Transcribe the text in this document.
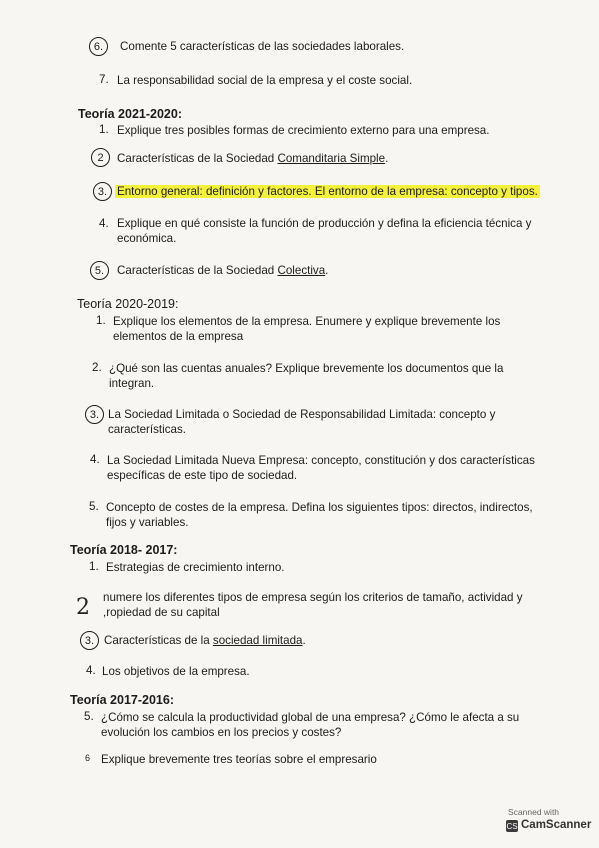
6. Comente 5 características de las sociedades laborales.
7. La responsabilidad social de la empresa y el coste social.
Teoría 2021-2020:
1. Explique tres posibles formas de crecimiento externo para una empresa.
2 Características de la Sociedad Comanditaria Simple.
3. Entorno general: definición y factores. El entorno de la empresa: concepto y tipos.
4. Explique en qué consiste la función de producción y defina la eficiencia técnica y
económica.
5. Características de la Sociedad Colectiva.
Teoría 2020-2019:
1. Explique los elementos de la empresa. Enumere y explique brevemente los
elementos de la empresa
2. ¿Qué son las cuentas anuales? Explique brevemente los documentos que la
integran.
3. La Sociedad Limitada o Sociedad de Responsabilidad Limitada: concepto y
características.
4. La Sociedad Limitada Nueva Empresa: concepto, constitución y dos características
específicas de este tipo de sociedad.
5. Concepto de costes de la empresa. Defina los siguientes tipos: directos, indirectos,
fijos y variables.
Teoría 2018- 2017:
1. Estrategias de crecimiento interno.
2 numere los diferentes tipos de empresa según los criterios de tamaño, actividad y
,ropiedad de su capital
3. Características de la sociedad limitada.
4. Los objetivos de la empresa.
Teoría 2017-2016:
5. ¿Cómo se calcula la productividad global de una empresa? ¿Cómo le afecta a su
evolución los cambios en los precios y costes?
6 Explique brevemente tres teorías sobre el empresario
Scanned with
CS CamScanner
